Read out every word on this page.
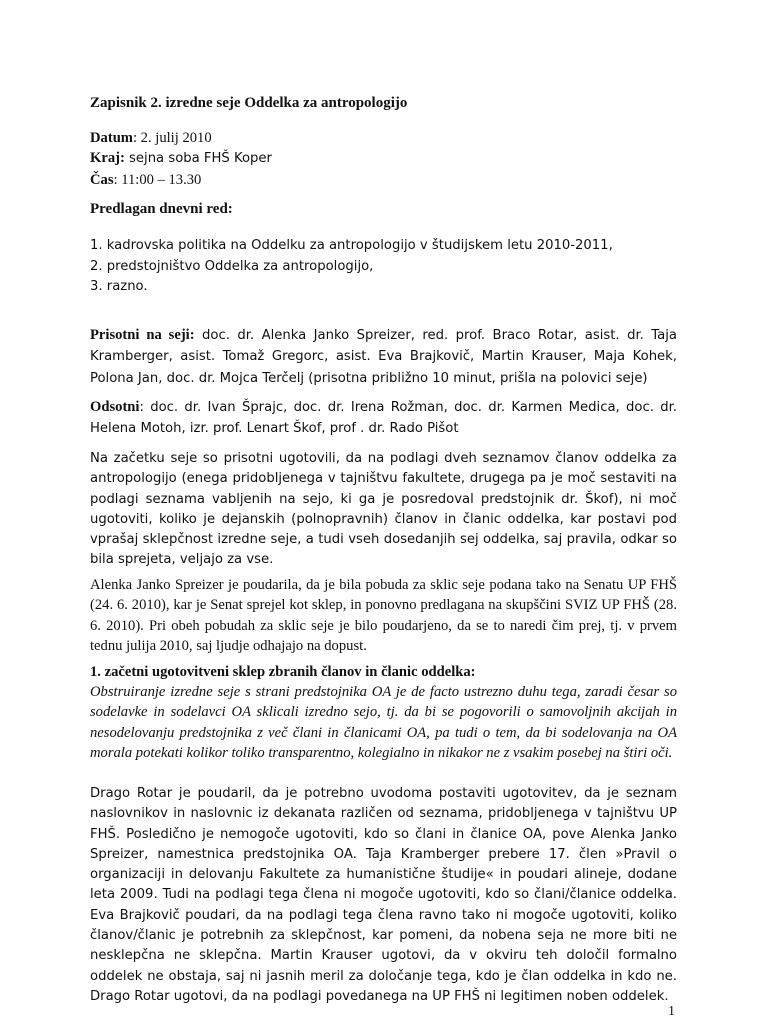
Zapisnik 2. izredne seje Oddelka za antropologijo

Datum: 2. julij 2010
Kraj: sejna soba FHŠ Koper
Čas: 11:00 – 13.30

Predlagan dnevni red:

1. kadrovska politika na Oddelku za antropologijo v študijskem letu 2010-2011,
2. predstojništvo Oddelka za antropologijo,
3. razno.

Prisotni na seji: doc. dr. Alenka Janko Spreizer, red. prof. Braco Rotar, asist. dr. Taja Kramberger, asist. Tomaž Gregorc, asist. Eva Brajkovič, Martin Krauser, Maja Kohek, Polona Jan, doc. dr. Mojca Terčelj (prisotna približno 10 minut, prišla na polovici seje)

Odsotni: doc. dr. Ivan Šprajc, doc. dr. Irena Rožman, doc. dr. Karmen Medica, doc. dr. Helena Motoh, izr. prof. Lenart Škof, prof . dr. Rado Pišot

Na začetku seje so prisotni ugotovili, da na podlagi dveh seznamov članov oddelka za antropologijo (enega pridobljenega v tajništvu fakultete, drugega pa je moč sestaviti na podlagi seznama vabljenih na sejo, ki ga je posredoval predstojnik dr. Škof), ni moč ugotoviti, koliko je dejanskih (polnopravnih) članov in članic oddelka, kar postavi pod vprašaj sklepčnost izredne seje, a tudi vseh dosedanjih sej oddelka, saj pravila, odkar so bila sprejeta, veljajo za vse.

Alenka Janko Spreizer je poudarila, da je bila pobuda za sklic seje podana tako na Senatu UP FHŠ (24. 6. 2010), kar je Senat sprejel kot sklep, in ponovno predlagana na skupščini SVIZ UP FHŠ (28. 6. 2010). Pri obeh pobudah za sklic seje je bilo poudarjeno, da se to naredi čim prej, tj. v prvem tednu julija 2010, saj ljudje odhajajo na dopust.

1. začetni ugotovitveni sklep zbranih članov in članic oddelka:

Obstruiranje izredne seje s strani predstojnika OA je de facto ustrezno duhu tega, zaradi česar so sodelavke in sodelavci OA sklicali izredno sejo, tj. da bi se pogovorili o samovoljnih akcijah in nesodelovanju predstojnika z več člani in članicami OA, pa tudi o tem, da bi sodelovanja na OA morala potekati kolikor toliko transparentno, kolegialno in nikakor ne z vsakim posebej na štiri oči.

Drago Rotar je poudaril, da je potrebno uvodoma postaviti ugotovitev, da je seznam naslovnikov in naslovnic iz dekanata različen od seznama, pridobljenega v tajništvu UP FHŠ. Posledično je nemogoče ugotoviti, kdo so člani in članice OA, pove Alenka Janko Spreizer, namestnica predstojnika OA. Taja Kramberger prebere 17. člen »Pravil o organizaciji in delovanju Fakultete za humanistične študije« in poudari alineje, dodane leta 2009. Tudi na podlagi tega člena ni mogoče ugotoviti, kdo so člani/članice oddelka. Eva Brajkovič poudari, da na podlagi tega člena ravno tako ni mogoče ugotoviti, koliko članov/članic je potrebnih za sklepčnost, kar pomeni, da nobena seja ne more biti ne nesklepčna ne sklepčna. Martin Krauser ugotovi, da v okviru teh določil formalno oddelek ne obstaja, saj ni jasnih meril za določanje tega, kdo je član oddelka in kdo ne. Drago Rotar ugotovi, da na podlagi povedanega na UP FHŠ ni legitimen noben oddelek.

1
